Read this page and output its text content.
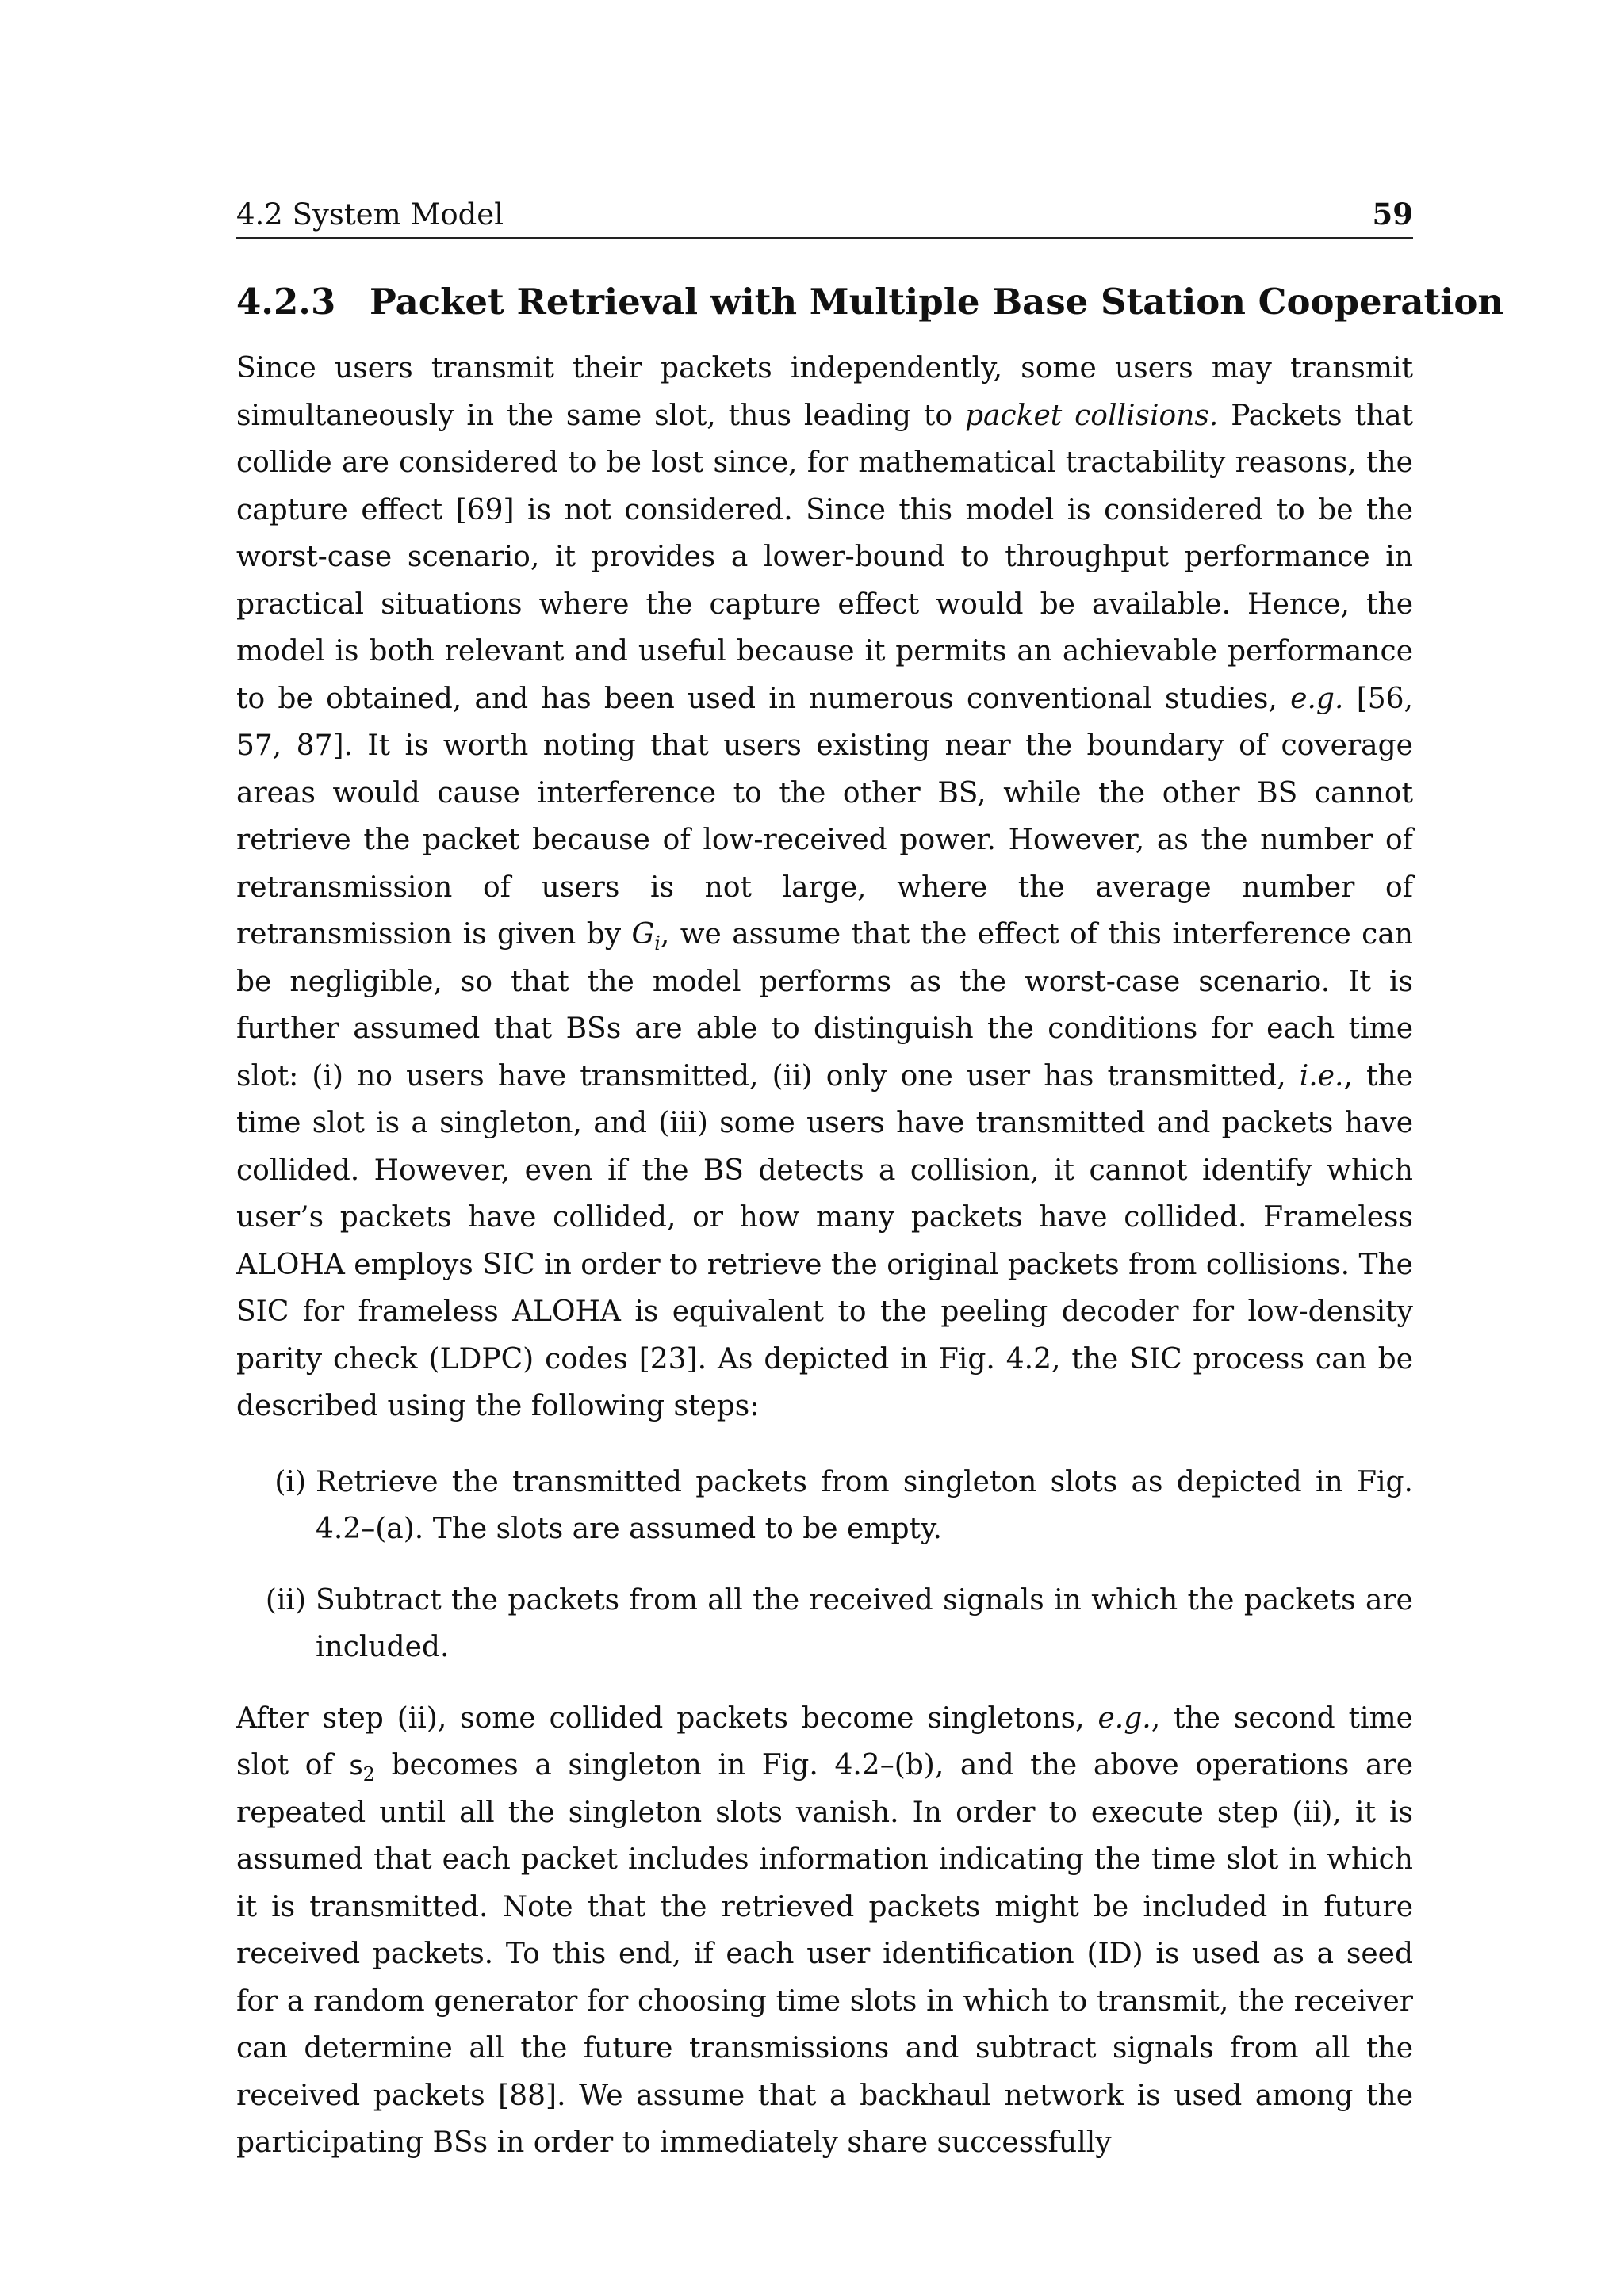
4.2 System Model	59
4.2.3 Packet Retrieval with Multiple Base Station Cooperation

Since users transmit their packets independently, some users may transmit simultaneously in the same slot, thus leading to packet collisions. Packets that collide are considered to be lost since, for mathematical tractability reasons, the capture effect [69] is not considered. Since this model is considered to be the worst-case scenario, it provides a lower-bound to throughput performance in practical situations where the capture effect would be available. Hence, the model is both relevant and useful because it permits an achievable performance to be obtained, and has been used in numerous conventional studies, e.g. [56, 57, 87]. It is worth noting that users existing near the boundary of coverage areas would cause interference to the other BS, while the other BS cannot retrieve the packet because of low-received power. However, as the number of retransmission of users is not large, where the average number of retransmission is given by $G_i$, we assume that the effect of this interference can be negligible, so that the model performs as the worst-case scenario. It is further assumed that BSs are able to distinguish the conditions for each time slot: (i) no users have transmitted, (ii) only one user has transmitted, i.e., the time slot is a singleton, and (iii) some users have transmitted and packets have collided. However, even if the BS detects a collision, it cannot identify which user’s packets have collided, or how many packets have collided. Frameless ALOHA employs SIC in order to retrieve the original packets from collisions. The SIC for frameless ALOHA is equivalent to the peeling decoder for low-density parity check (LDPC) codes [23]. As depicted in Fig. 4.2, the SIC process can be described using the following steps:

(i) Retrieve the transmitted packets from singleton slots as depicted in Fig. 4.2–(a). The slots are assumed to be empty.
(ii) Subtract the packets from all the received signals in which the packets are included.

After step (ii), some collided packets become singletons, e.g., the second time slot of $s_2$ becomes a singleton in Fig. 4.2–(b), and the above operations are repeated until all the singleton slots vanish. In order to execute step (ii), it is assumed that each packet includes information indicating the time slot in which it is transmitted. Note that the retrieved packets might be included in future received packets. To this end, if each user identification (ID) is used as a seed for a random generator for choosing time slots in which to transmit, the receiver can determine all the future transmissions and subtract signals from all the received packets [88]. We assume that a backhaul network is used among the participating BSs in order to immediately share successfully
